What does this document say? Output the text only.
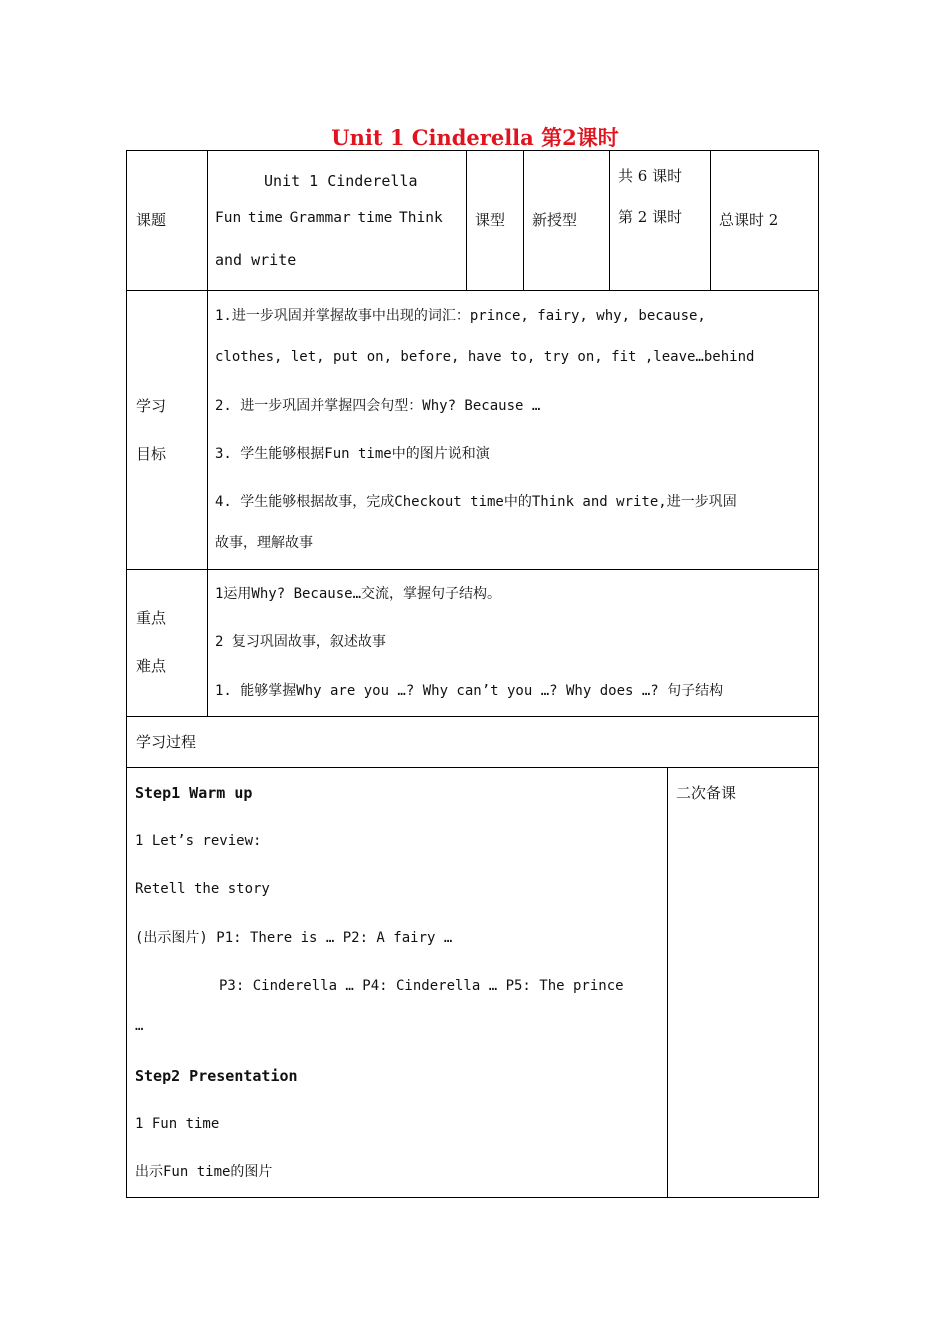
Unit 1 Cinderella 第2课时
课题
Unit 1 Cinderella
Fun time Grammar time Think
and write
课型 新授型
共 6 课时
第 2 课时 总课时 2
学习
目标
1.进一步巩固并掌握故事中出现的词汇：prince, fairy, why, because,
clothes, let, put on, before, have to, try on, fit ,leave…behind
2. 进一步巩固并掌握四会句型：Why? Because …
3. 学生能够根据Fun time中的图片说和演
4. 学生能够根据故事，完成Checkout time中的Think and write,进一步巩固
故事，理解故事
重点
难点
1运用Why? Because…交流，掌握句子结构。
2 复习巩固故事，叙述故事
1. 能够掌握Why are you …? Why can’t you …? Why does …? 句子结构
学习过程
二次备课
Step1 Warm up
1 Let’s review:
Retell the story
(出示图片) P1: There is … P2: A fairy …
P3: Cinderella … P4: Cinderella … P5: The prince
…
Step2 Presentation
1 Fun time
出示Fun time的图片
